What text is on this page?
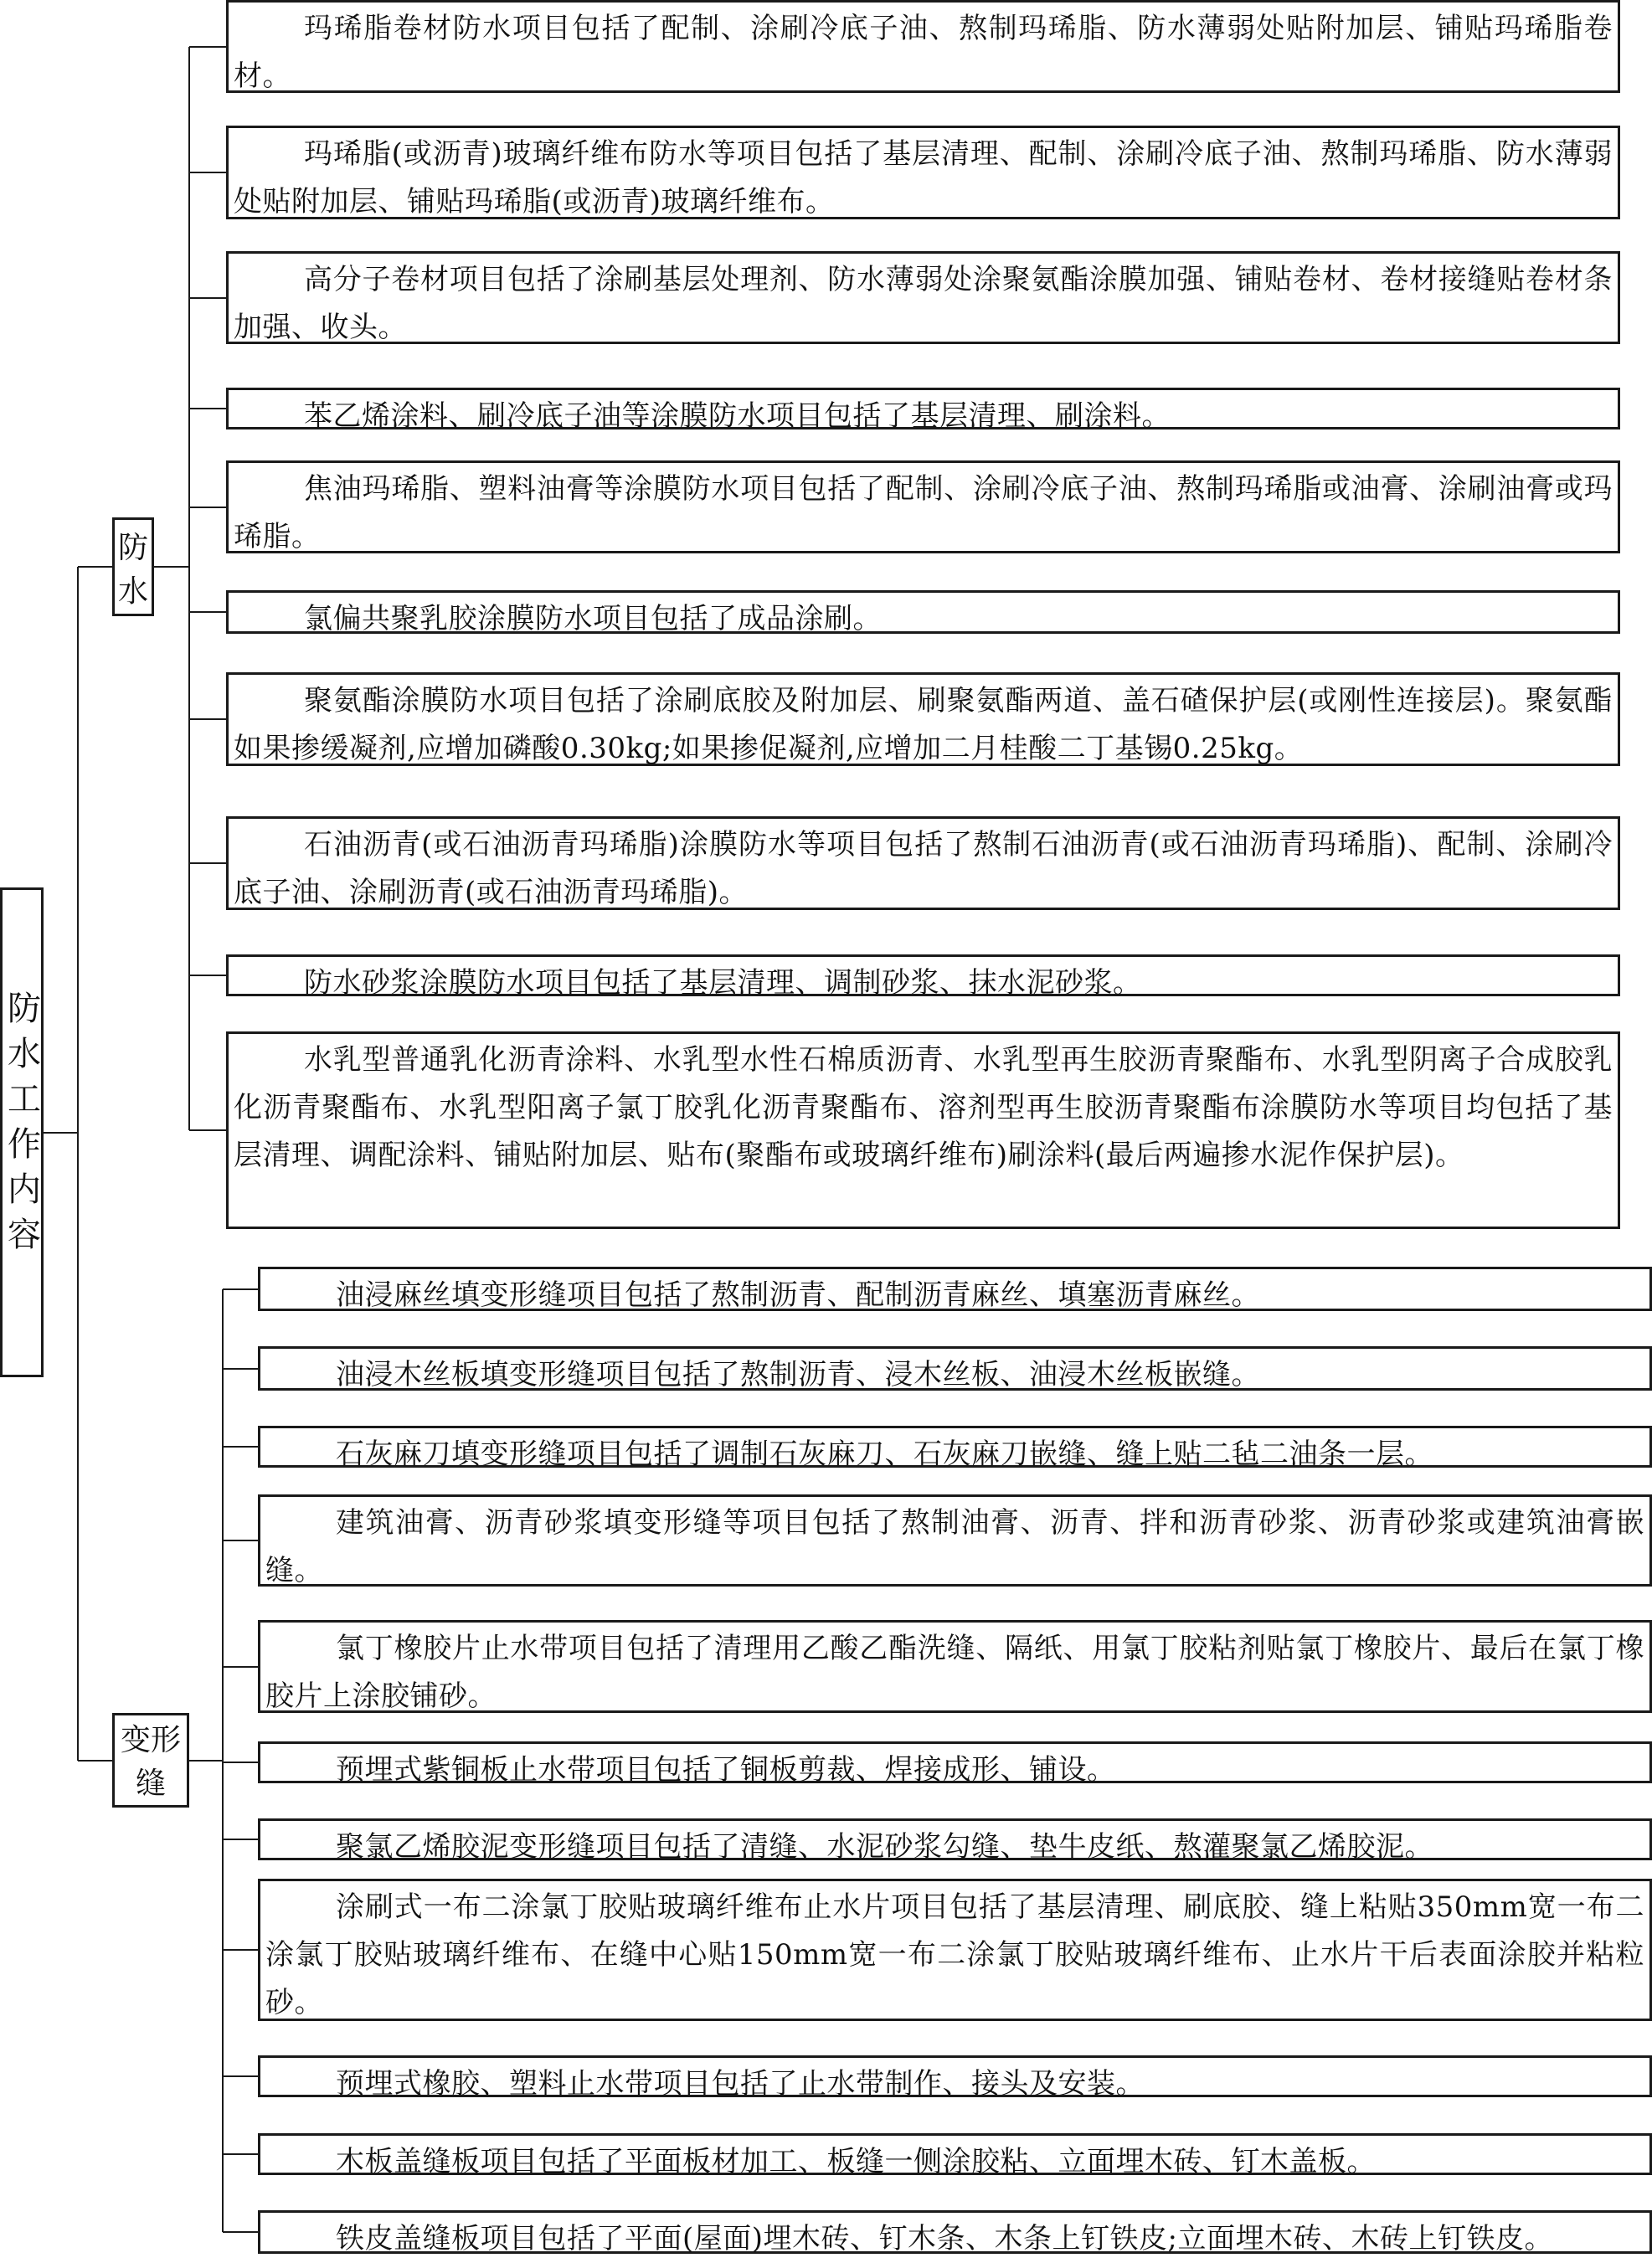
防水工作内容
防水
变形缝
玛琋脂卷材防水项目包括了配制、涂刷冷底子油、熬制玛琋脂、防水薄弱处贴附加层、铺贴玛琋脂卷材。
玛琋脂(或沥青)玻璃纤维布防水等项目包括了基层清理、配制、涂刷冷底子油、熬制玛琋脂、防水薄弱处贴附加层、铺贴玛琋脂(或沥青)玻璃纤维布。
高分子卷材项目包括了涂刷基层处理剂、防水薄弱处涂聚氨酯涂膜加强、铺贴卷材、卷材接缝贴卷材条加强、收头。
苯乙烯涂料、刷冷底子油等涂膜防水项目包括了基层清理、刷涂料。
焦油玛琋脂、塑料油膏等涂膜防水项目包括了配制、涂刷冷底子油、熬制玛琋脂或油膏、涂刷油膏或玛琋脂。
氯偏共聚乳胶涂膜防水项目包括了成品涂刷。
聚氨酯涂膜防水项目包括了涂刷底胶及附加层、刷聚氨酯两道、盖石碴保护层(或刚性连接层)。聚氨酯如果掺缓凝剂,应增加磷酸0.30kg;如果掺促凝剂,应增加二月桂酸二丁基锡0.25kg。
石油沥青(或石油沥青玛琋脂)涂膜防水等项目包括了熬制石油沥青(或石油沥青玛琋脂)、配制、涂刷冷底子油、涂刷沥青(或石油沥青玛琋脂)。
防水砂浆涂膜防水项目包括了基层清理、调制砂浆、抹水泥砂浆。
水乳型普通乳化沥青涂料、水乳型水性石棉质沥青、水乳型再生胶沥青聚酯布、水乳型阴离子合成胶乳化沥青聚酯布、水乳型阳离子氯丁胶乳化沥青聚酯布、溶剂型再生胶沥青聚酯布涂膜防水等项目均包括了基层清理、调配涂料、铺贴附加层、贴布(聚酯布或玻璃纤维布)刷涂料(最后两遍掺水泥作保护层)。
油浸麻丝填变形缝项目包括了熬制沥青、配制沥青麻丝、填塞沥青麻丝。
油浸木丝板填变形缝项目包括了熬制沥青、浸木丝板、油浸木丝板嵌缝。
石灰麻刀填变形缝项目包括了调制石灰麻刀、石灰麻刀嵌缝、缝上贴二毡二油条一层。
建筑油膏、沥青砂浆填变形缝等项目包括了熬制油膏、沥青、拌和沥青砂浆、沥青砂浆或建筑油膏嵌缝。
氯丁橡胶片止水带项目包括了清理用乙酸乙酯洗缝、隔纸、用氯丁胶粘剂贴氯丁橡胶片、最后在氯丁橡胶片上涂胶铺砂。
预埋式紫铜板止水带项目包括了铜板剪裁、焊接成形、铺设。
聚氯乙烯胶泥变形缝项目包括了清缝、水泥砂浆勾缝、垫牛皮纸、熬灌聚氯乙烯胶泥。
涂刷式一布二涂氯丁胶贴玻璃纤维布止水片项目包括了基层清理、刷底胶、缝上粘贴350mm宽一布二涂氯丁胶贴玻璃纤维布、在缝中心贴150mm宽一布二涂氯丁胶贴玻璃纤维布、止水片干后表面涂胶并粘粒砂。
预埋式橡胶、塑料止水带项目包括了止水带制作、接头及安装。
木板盖缝板项目包括了平面板材加工、板缝一侧涂胶粘、立面埋木砖、钉木盖板。
铁皮盖缝板项目包括了平面(屋面)埋木砖、钉木条、木条上钉铁皮;立面埋木砖、木砖上钉铁皮。
